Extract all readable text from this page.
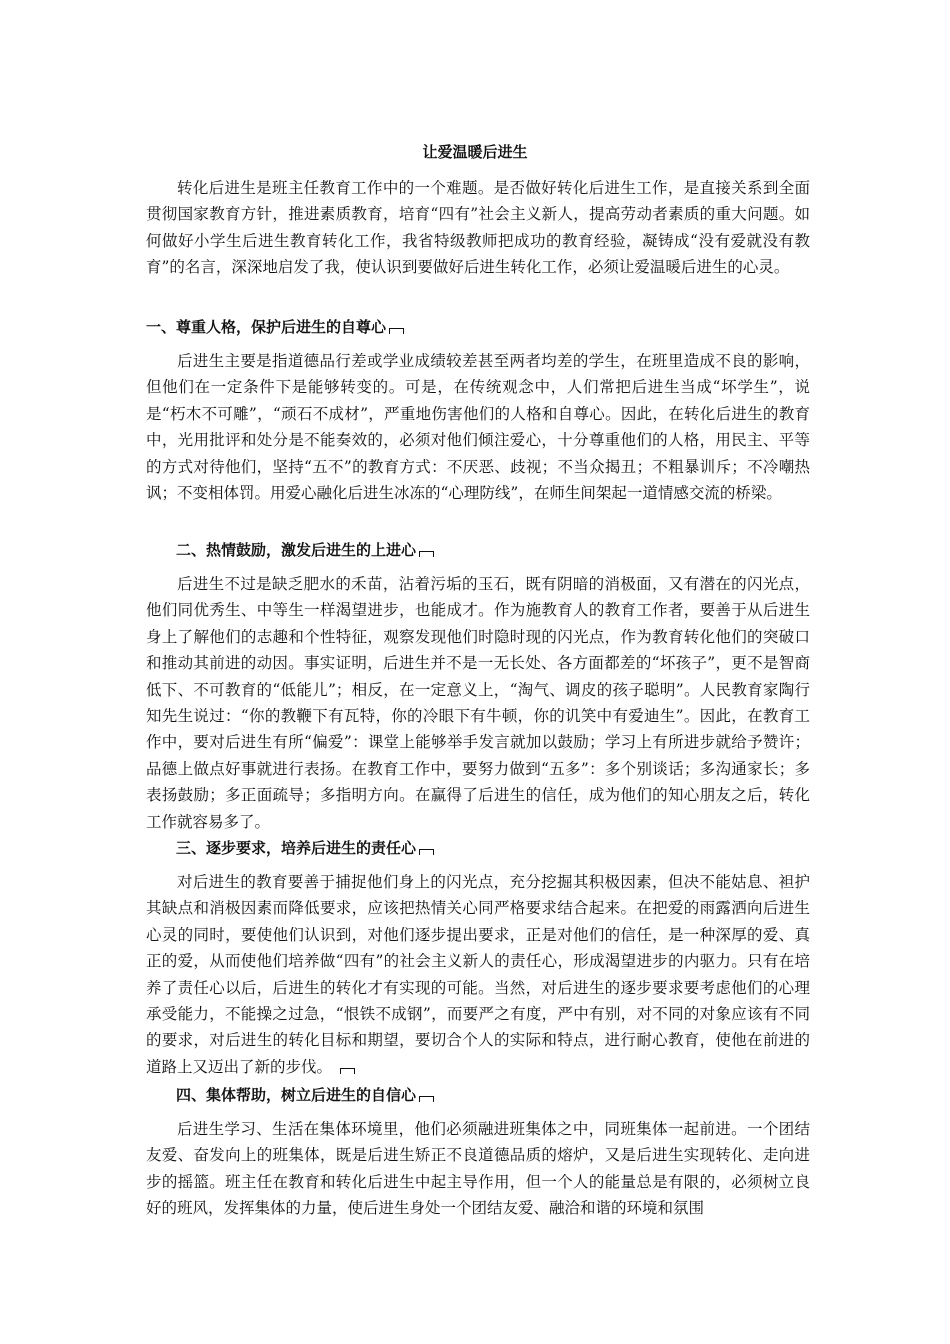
让爱温暖后进生

转化后进生是班主任教育工作中的一个难题。是否做好转化后进生工作，是直接关系到全面贯彻国家教育方针，推进素质教育，培育“四有”社会主义新人，提高劳动者素质的重大问题。如何做好小学生后进生教育转化工作，我省特级教师把成功的教育经验，凝铸成“没有爱就没有教育”的名言，深深地启发了我，使认识到要做好后进生转化工作，必须让爱温暖后进生的心灵。

一、尊重人格，保护后进生的自尊心

后进生主要是指道德品行差或学业成绩较差甚至两者均差的学生，在班里造成不良的影响，但他们在一定条件下是能够转变的。可是，在传统观念中，人们常把后进生当成“坏学生”，说是“朽木不可雕”，“顽石不成材”，严重地伤害他们的人格和自尊心。因此，在转化后进生的教育中，光用批评和处分是不能奏效的，必须对他们倾注爱心，十分尊重他们的人格，用民主、平等的方式对待他们，坚持“五不”的教育方式：不厌恶、歧视；不当众揭丑；不粗暴训斥；不冷嘲热讽；不变相体罚。用爱心融化后进生冰冻的“心理防线”，在师生间架起一道情感交流的桥梁。

二、热情鼓励，激发后进生的上进心

后进生不过是缺乏肥水的禾苗，沾着污垢的玉石，既有阴暗的消极面，又有潜在的闪光点，他们同优秀生、中等生一样渴望进步，也能成才。作为施教育人的教育工作者，要善于从后进生身上了解他们的志趣和个性特征，观察发现他们时隐时现的闪光点，作为教育转化他们的突破口和推动其前进的动因。事实证明，后进生并不是一无长处、各方面都差的“坏孩子”，更不是智商低下、不可教育的“低能儿”；相反，在一定意义上，“淘气、调皮的孩子聪明”。人民教育家陶行知先生说过：“你的教鞭下有瓦特，你的冷眼下有牛顿，你的讥笑中有爱迪生”。因此，在教育工作中，要对后进生有所“偏爱”：课堂上能够举手发言就加以鼓励；学习上有所进步就给予赞许；品德上做点好事就进行表扬。在教育工作中，要努力做到“五多”：多个别谈话；多沟通家长；多表扬鼓励；多正面疏导；多指明方向。在赢得了后进生的信任，成为他们的知心朋友之后，转化工作就容易多了。

三、逐步要求，培养后进生的责任心

对后进生的教育要善于捕捉他们身上的闪光点，充分挖掘其积极因素，但决不能姑息、袒护其缺点和消极因素而降低要求，应该把热情关心同严格要求结合起来。在把爱的雨露洒向后进生心灵的同时，要使他们认识到，对他们逐步提出要求，正是对他们的信任，是一种深厚的爱、真正的爱，从而使他们培养做“四有”的社会主义新人的责任心，形成渴望进步的内驱力。只有在培养了责任心以后，后进生的转化才有实现的可能。当然，对后进生的逐步要求要考虑他们的心理承受能力，不能操之过急，“恨铁不成钢”，而要严之有度，严中有别，对不同的对象应该有不同的要求，对后进生的转化目标和期望，要切合个人的实际和特点，进行耐心教育，使他在前进的道路上又迈出了新的步伐。

四、集体帮助，树立后进生的自信心

后进生学习、生活在集体环境里，他们必须融进班集体之中，同班集体一起前进。一个团结友爱、奋发向上的班集体，既是后进生矫正不良道德品质的熔炉，又是后进生实现转化、走向进步的摇篮。班主任在教育和转化后进生中起主导作用，但一个人的能量总是有限的，必须树立良好的班风，发挥集体的力量，使后进生身处一个团结友爱、融洽和谐的环境和氛围
